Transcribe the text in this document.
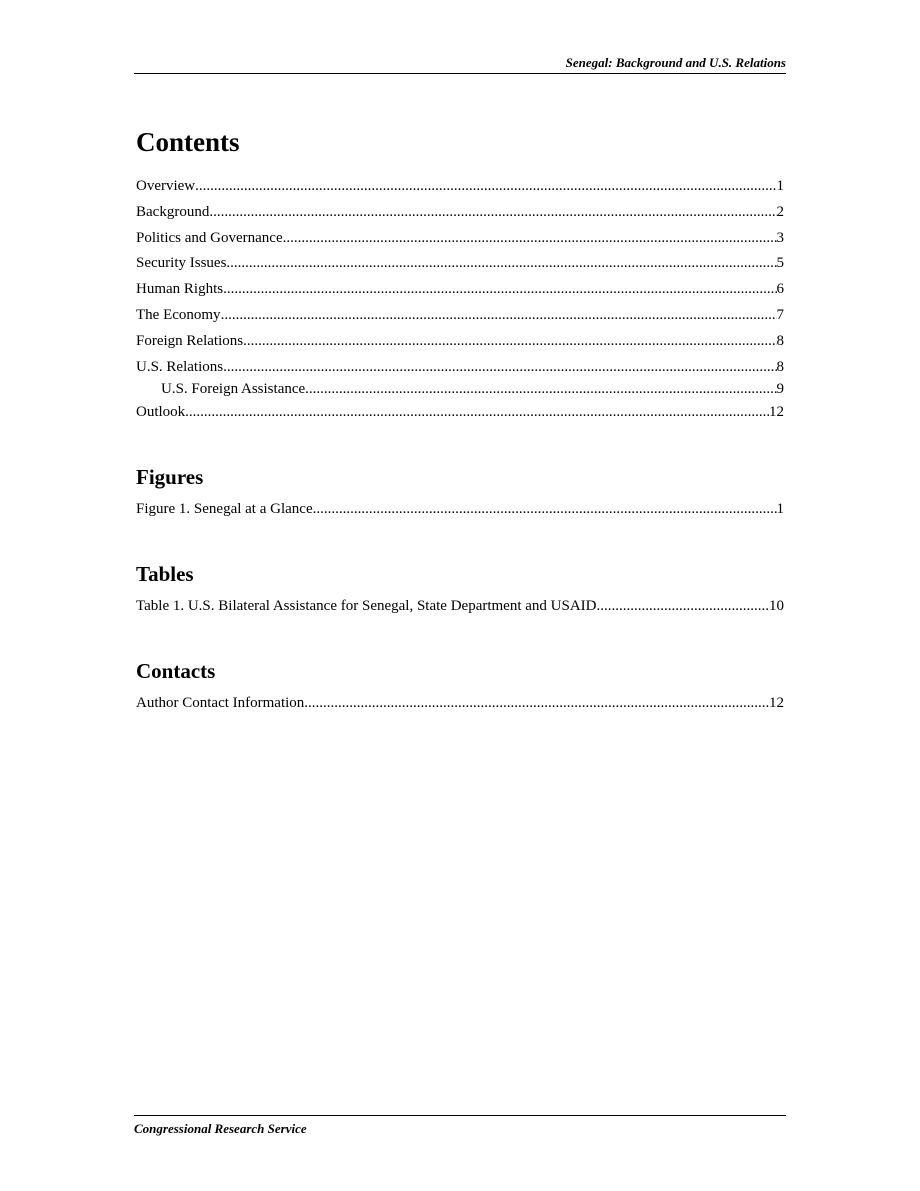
Senegal: Background and U.S. Relations
Contents
Overview .....	1
Background .....	2
Politics and Governance .....	3
Security Issues .....	5
Human Rights .....	6
The Economy .....	7
Foreign Relations .....	8
U.S. Relations .....	8
U.S. Foreign Assistance .....	9
Outlook .....	12
Figures
Figure 1. Senegal at a Glance .....	1
Tables
Table 1. U.S. Bilateral Assistance for Senegal, State Department and USAID .....	10
Contacts
Author Contact Information .....	12
Congressional Research Service
